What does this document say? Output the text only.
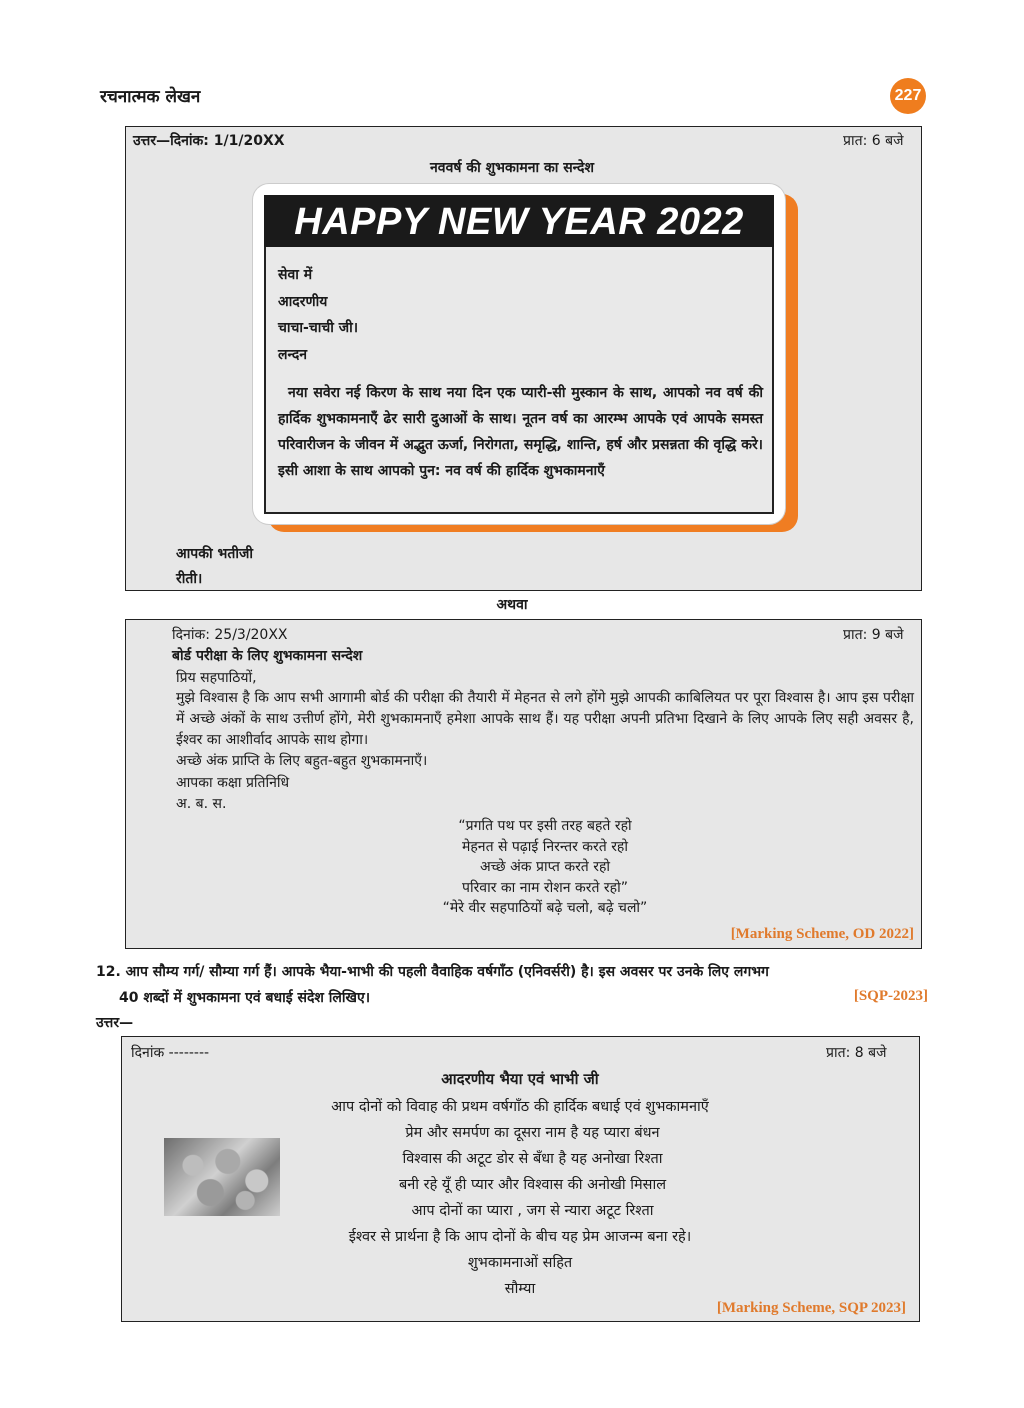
रचनात्मक लेखन	227
उत्तर—दिनांक: 1/1/20XX	प्रात: 6 बजे
नववर्ष की शुभकामना का सन्देश
HAPPY NEW YEAR 2022
सेवा में
आदरणीय
चाचा-चाची जी।
लन्दन
नया सवेरा नई किरण के साथ नया दिन एक प्यारी-सी मुस्कान के साथ, आपको नव वर्ष की हार्दिक शुभकामनाएँ ढेर सारी दुआओं के साथ। नूतन वर्ष का आरम्भ आपके एवं आपके समस्त परिवारीजन के जीवन में अद्भुत ऊर्जा, निरोगता, समृद्धि, शान्ति, हर्ष और प्रसन्नता की वृद्धि करे। इसी आशा के साथ आपको पुन: नव वर्ष की हार्दिक शुभकामनाएँ
आपकी भतीजी
रीती।
अथवा
दिनांक: 25/3/20XX	प्रात: 9 बजे
बोर्ड परीक्षा के लिए शुभकामना सन्देश
प्रिय सहपाठियों,
मुझे विश्वास है कि आप सभी आगामी बोर्ड की परीक्षा की तैयारी में मेहनत से लगे होंगे मुझे आपकी काबिलियत पर पूरा विश्वास है। आप इस परीक्षा में अच्छे अंकों के साथ उत्तीर्ण होंगे, मेरी शुभकामनाएँ हमेशा आपके साथ हैं। यह परीक्षा अपनी प्रतिभा दिखाने के लिए आपके लिए सही अवसर है, ईश्वर का आशीर्वाद आपके साथ होगा।
अच्छे अंक प्राप्ति के लिए बहुत-बहुत शुभकामनाएँ।
आपका कक्षा प्रतिनिधि
अ. ब. स.
“प्रगति पथ पर इसी तरह बहते रहो
मेहनत से पढ़ाई निरन्तर करते रहो
अच्छे अंक प्राप्त करते रहो
परिवार का नाम रोशन करते रहो”
“मेरे वीर सहपाठियों बढ़े चलो, बढ़े चलो”
[Marking Scheme, OD 2022]
12. आप सौम्य गर्ग/ सौम्या गर्ग हैं। आपके भैया-भाभी की पहली वैवाहिक वर्षगाँठ (एनिवर्सरी) है। इस अवसर पर उनके लिए लगभग
40 शब्दों में शुभकामना एवं बधाई संदेश लिखिए।	[SQP-2023]
उत्तर—
दिनांक --------	प्रात: 8 बजे
आदरणीय भैया एवं भाभी जी
आप दोनों को विवाह की प्रथम वर्षगाँठ की हार्दिक बधाई एवं शुभकामनाएँ
प्रेम और समर्पण का दूसरा नाम है यह प्यारा बंधन
विश्वास की अटूट डोर से बँधा है यह अनोखा रिश्ता
बनी रहे यूँ ही प्यार और विश्वास की अनोखी मिसाल
आप दोनों का प्यारा , जग से न्यारा अटूट रिश्ता
ईश्वर से प्रार्थना है कि आप दोनों के बीच यह प्रेम आजन्म बना रहे।
शुभकामनाओं सहित
सौम्या
[Marking Scheme, SQP 2023]
